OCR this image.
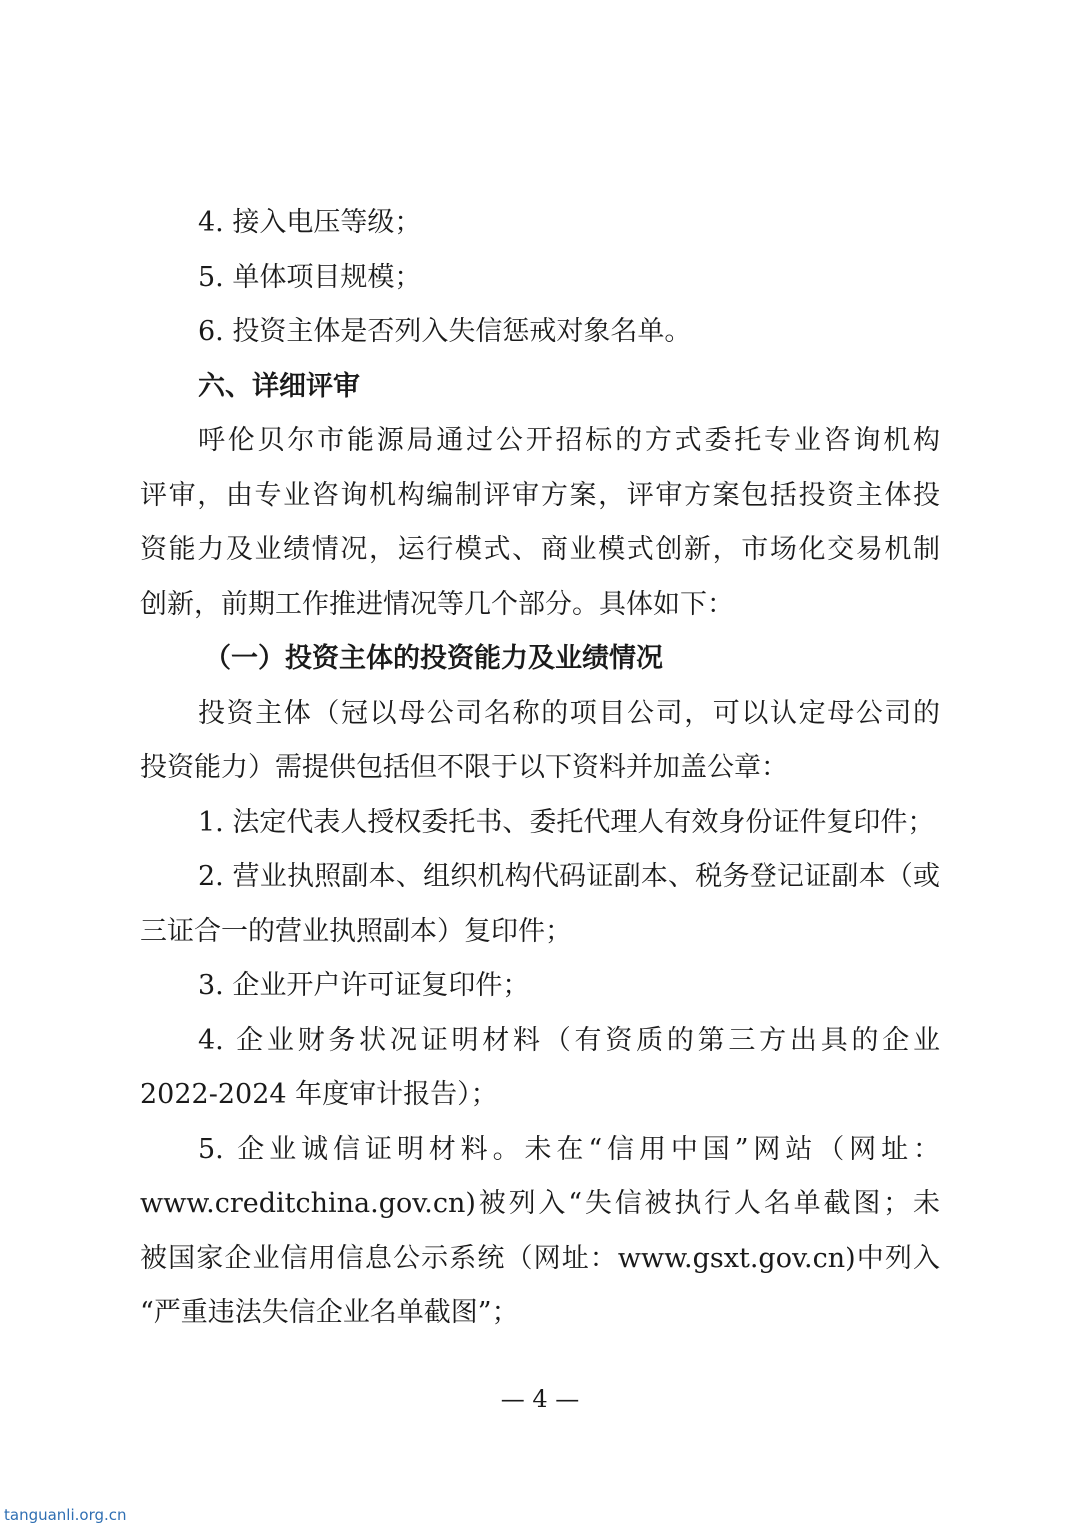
4. 接入电压等级；
5. 单体项目规模；
6. 投资主体是否列入失信惩戒对象名单。
六、详细评审
呼伦贝尔市能源局通过公开招标的方式委托专业咨询机构
评审，由专业咨询机构编制评审方案，评审方案包括投资主体投
资能力及业绩情况，运行模式、商业模式创新，市场化交易机制
创新，前期工作推进情况等几个部分。具体如下：
（一）投资主体的投资能力及业绩情况
投资主体（冠以母公司名称的项目公司，可以认定母公司的
投资能力）需提供包括但不限于以下资料并加盖公章：
1. 法定代表人授权委托书、委托代理人有效身份证件复印件；
2. 营业执照副本、组织机构代码证副本、税务登记证副本（或
三证合一的营业执照副本）复印件；
3. 企业开户许可证复印件；
4. 企业财务状况证明材料（有资质的第三方出具的企业
2022-2024 年度审计报告）；
5. 企业诚信证明材料。未在“信用中国”网站（网址：
www.creditchina.gov.cn)被列入“失信被执行人名单截图；未
被国家企业信用信息公示系统（网址：www.gsxt.gov.cn)中列入
“严重违法失信企业名单截图”；
— 4 —
tanguanli.org.cn
